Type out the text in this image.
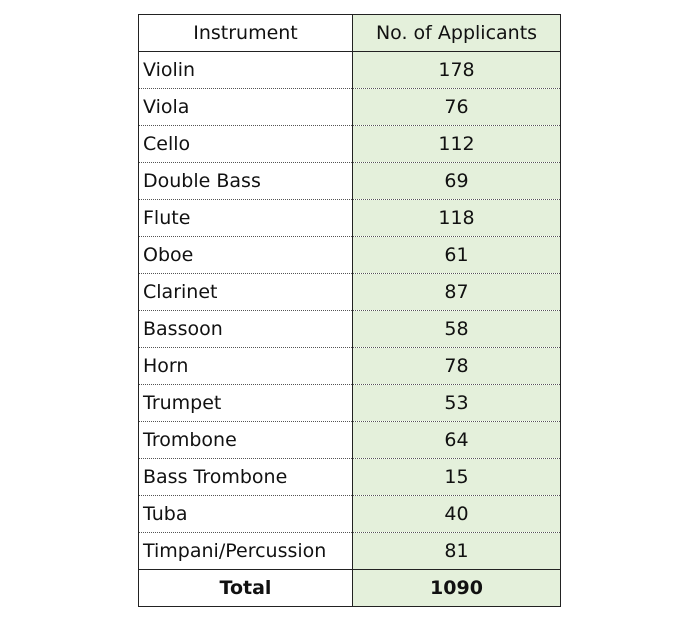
Instrument	No. of Applicants
Violin	178
Viola	76
Cello	112
Double Bass	69
Flute	118
Oboe	61
Clarinet	87
Bassoon	58
Horn	78
Trumpet	53
Trombone	64
Bass Trombone	15
Tuba	40
Timpani/Percussion	81
Total	1090
